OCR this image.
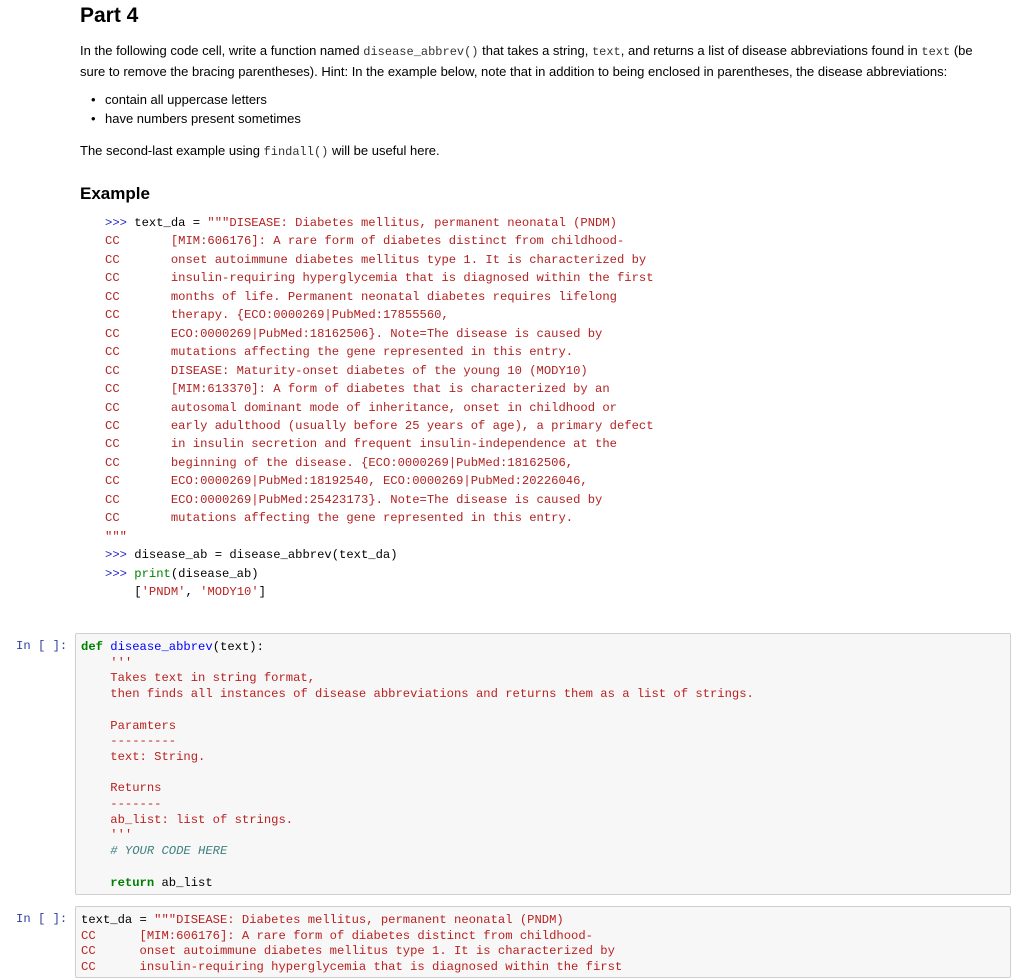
Part 4

In the following code cell, write a function named disease_abbrev() that takes a string, text, and returns a list of disease abbreviations found in text (be sure to remove the bracing parentheses). Hint: In the example below, note that in addition to being enclosed in parentheses, the disease abbreviations:

• contain all uppercase letters
• have numbers present sometimes

The second-last example using findall() will be useful here.

Example
>>> text_da = """DISEASE: Diabetes mellitus, permanent neonatal (PNDM)
CC	[MIM:606176]: A rare form of diabetes distinct from childhood-
CC	onset autoimmune diabetes mellitus type 1. It is characterized by
CC	insulin-requiring hyperglycemia that is diagnosed within the first
CC	months of life. Permanent neonatal diabetes requires lifelong
CC	therapy. {ECO:0000269|PubMed:17855560,
CC	ECO:0000269|PubMed:18162506}. Note=The disease is caused by
CC	mutations affecting the gene represented in this entry.
CC	DISEASE: Maturity-onset diabetes of the young 10 (MODY10)
CC	[MIM:613370]: A form of diabetes that is characterized by an
CC	autosomal dominant mode of inheritance, onset in childhood or
CC	early adulthood (usually before 25 years of age), a primary defect
CC	in insulin secretion and frequent insulin-independence at the
CC	beginning of the disease. {ECO:0000269|PubMed:18162506,
CC	ECO:0000269|PubMed:18192540, ECO:0000269|PubMed:20226046,
CC	ECO:0000269|PubMed:25423173}. Note=The disease is caused by
CC	mutations affecting the gene represented in this entry.
"""
>>> disease_ab = disease_abbrev(text_da)
>>> print(disease_ab)
['PNDM', 'MODY10']
In [ ]: def disease_abbrev(text):
'''
Takes text in string format,
then finds all instances of disease abbreviations and returns them as a list of strings.

Paramters
---------
text: String.

Returns
-------
ab_list: list of strings.
'''
# YOUR CODE HERE

return ab_list
In [ ]: text_da = """DISEASE: Diabetes mellitus, permanent neonatal (PNDM)
CC      [MIM:606176]: A rare form of diabetes distinct from childhood-
CC      onset autoimmune diabetes mellitus type 1. It is characterized by
CC      insulin-requiring hyperglycemia that is diagnosed within the first
